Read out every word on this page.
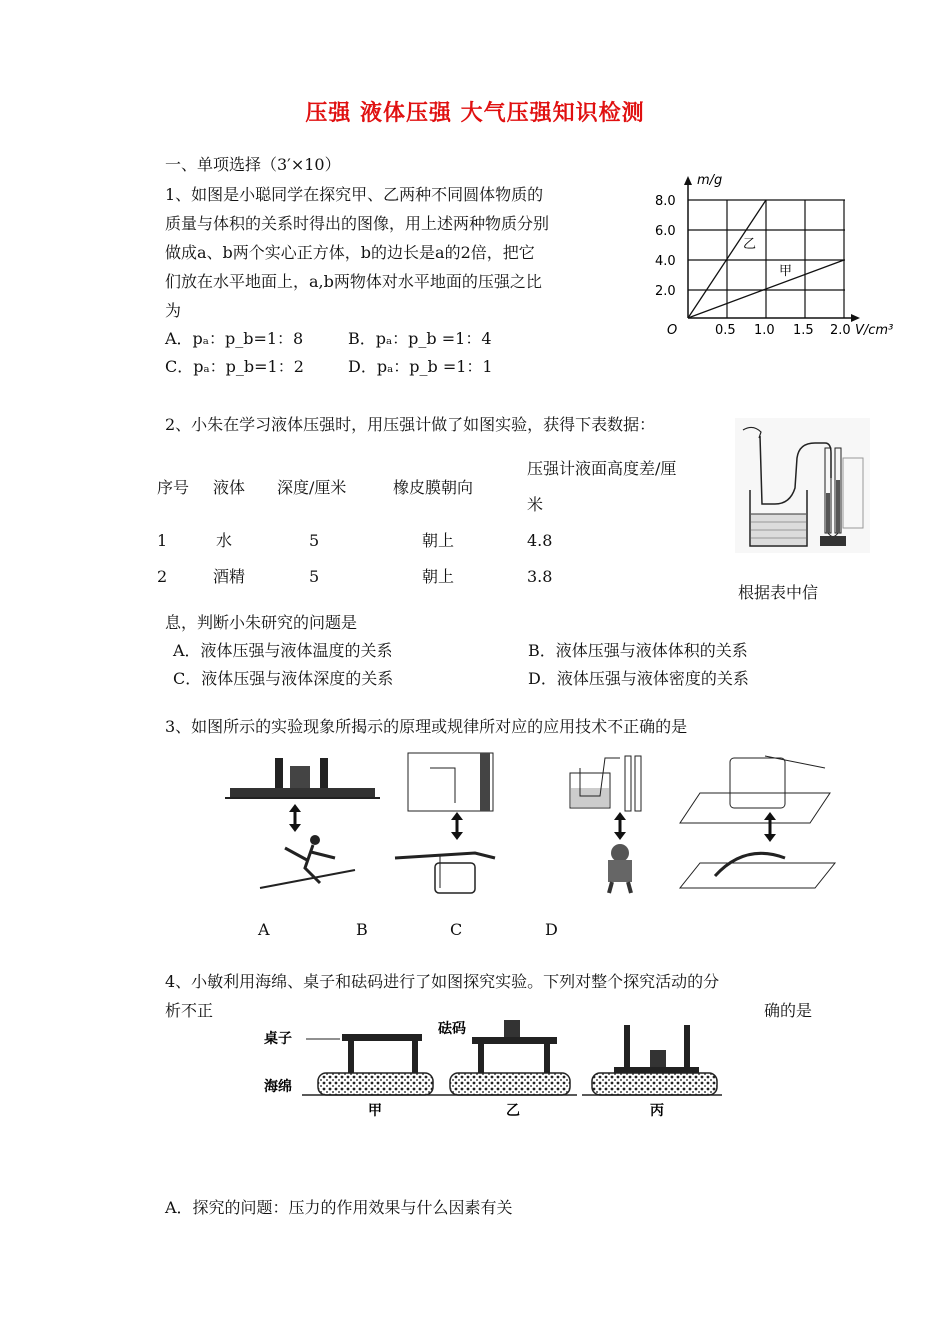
压强 液体压强 大气压强知识检测
一、单项选择（3′×10）
1、如图是小聪同学在探究甲、乙两种不同圆体物质的
质量与体积的关系时得出的图像，用上述两种物质分别
做成a、b两个实心正方体，b的边长是a的2倍，把它
们放在水平地面上，a,b两物体对水平地面的压强之比
为
A．pₐ：p_b=1：8	B．pₐ：p_b =1：4
C．pₐ：p_b=1：2	D．pₐ：p_b =1：1
m/g
8.0
6.0
4.0
2.0
O	0.5 1.0 1.5 2.0 V/cm³
乙
甲
2、小朱在学习液体压强时，用压强计做了如图实验，获得下表数据：
序号 液体 深度/厘米	橡皮膜朝向
压强计液面高度差/厘
米
1	水	5	朝上	4.8
2	酒精	5	朝上	3.8
根据表中信
息，判断小朱研究的问题是
A．液体压强与液体温度的关系	B．液体压强与液体体积的关系
C．液体压强与液体深度的关系	D．液体压强与液体密度的关系
3、如图所示的实验现象所揭示的原理或规律所对应的应用技术不正确的是
A	B	C	D
4、小敏利用海绵、桌子和砝码进行了如图探究实验。下列对整个探究活动的分
析不正	确的是
桌子
海绵
甲
砝码
乙	丙
A．探究的问题：压力的作用效果与什么因素有关
